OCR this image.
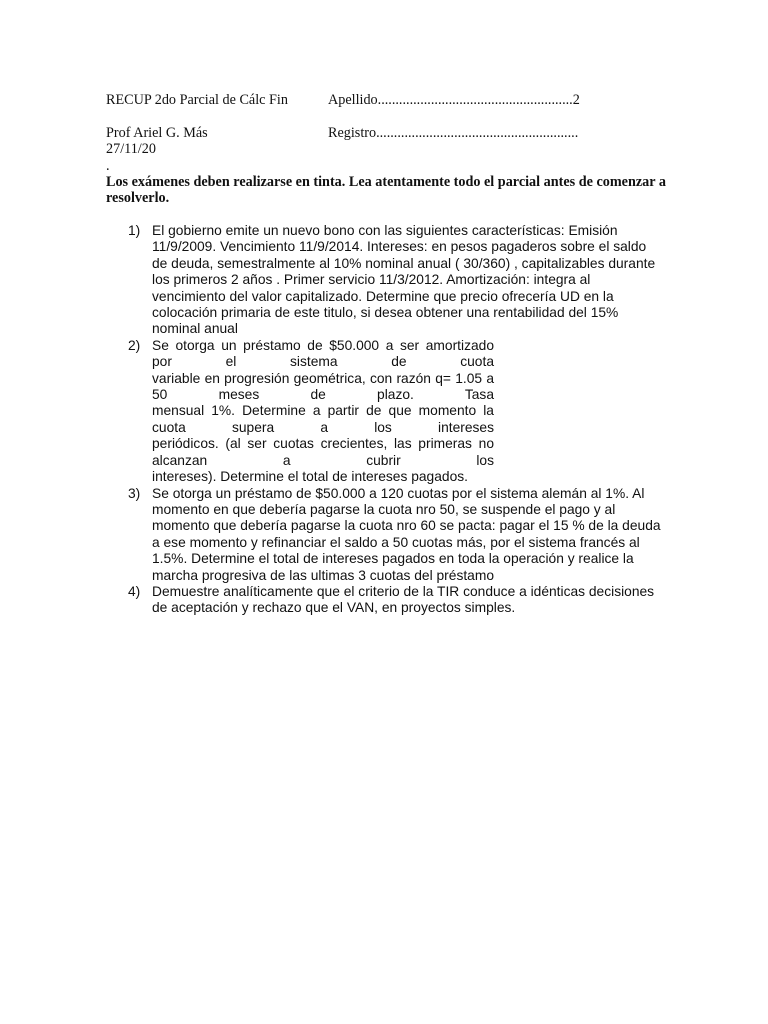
RECUP 2do Parcial de Cálc Fin	Apellido.......................................................2
Prof Ariel G. Más	Registro.........................................................
27/11/20
.
Los exámenes deben realizarse en tinta. Lea atentamente todo el parcial antes de comenzar a resolverlo.
1) El gobierno emite un nuevo bono con las siguientes características: Emisión
11/9/2009. Vencimiento 11/9/2014. Intereses: en pesos pagaderos sobre el saldo
de deuda, semestralmente al 10% nominal anual ( 30/360) , capitalizables durante
los primeros 2 años . Primer servicio 11/3/2012. Amortización: integra al
vencimiento del valor capitalizado. Determine que precio ofrecería UD en la
colocación primaria de este titulo, si desea obtener una rentabilidad del 15%
nominal anual
2) Se otorga un préstamo de $50.000 a ser amortizado por el sistema de cuota
variable en progresión geométrica, con razón q= 1.05 a 50 meses de plazo. Tasa
mensual 1%. Determine a partir de que momento la cuota supera a los intereses
periódicos. (al ser cuotas crecientes, las primeras no alcanzan a cubrir los
intereses). Determine el total de intereses pagados.
3) Se otorga un préstamo de $50.000 a 120 cuotas por el sistema alemán al 1%. Al
momento en que debería pagarse la cuota nro 50, se suspende el pago y al
momento que debería pagarse la cuota nro 60 se pacta: pagar el 15 % de la deuda
a ese momento y refinanciar el saldo a 50 cuotas más, por el sistema francés al
1.5%. Determine el total de intereses pagados en toda la operación y realice la
marcha progresiva de las ultimas 3 cuotas del préstamo
4) Demuestre analíticamente que el criterio de la TIR conduce a idénticas decisiones
de aceptación y rechazo que el VAN, en proyectos simples.
